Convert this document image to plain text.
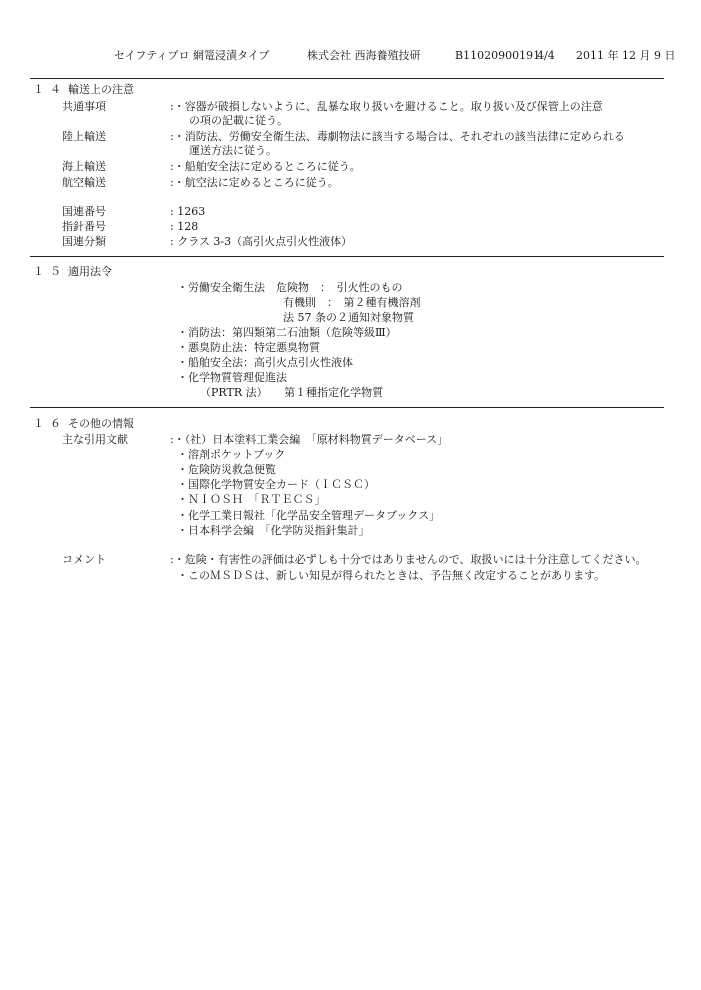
セイフティプロ 網篭浸漬タイプ	株式会社 西海養殖技研	B11020900191
4/4 2011 年 12 月 9 日
１４ 輸送上の注意
共通事項	:・容器が破損しないように、乱暴な取り扱いを避けること。取り扱い及び保管上の注意
の項の記載に従う。
陸上輸送	:・消防法、労働安全衛生法、毒劇物法に該当する場合は、それぞれの該当法律に定められる
運送方法に従う。
海上輸送	:・船舶安全法に定めるところに従う。
航空輸送	:・航空法に定めるところに従う。
国連番号	: 1263
指針番号	: 128
国連分類	: クラス 3-3（高引火点引火性液体）
１５ 適用法令
・労働安全衛生法　危険物　：　引火性のもの
有機則　：　第２種有機溶剤
法 57 条の２通知対象物質
・消防法：第四類第二石油類（危険等級Ⅲ）
・悪臭防止法：特定悪臭物質
・船舶安全法：高引火点引火性液体
・化学物質管理促進法
（PRTR 法）　　第１種指定化学物質
１６ その他の情報
主な引用文献	:・（社）日本塗料工業会編　「原材料物質データベース」
・溶剤ポケットブック
・危険防災救急便覧
・国際化学物質安全カード（ＩＣＳＣ）
・ＮＩＯＳＨ　「ＲＴＥＣＳ」
・化学工業日報社「化学品安全管理データブックス」
・日本科学会編　「化学防災指針集計」
コメント	:・危険・有害性の評価は必ずしも十分ではありませんので、取扱いには十分注意してください。
・このＭＳＤＳは、新しい知見が得られたときは、予告無く改定することがあります。
